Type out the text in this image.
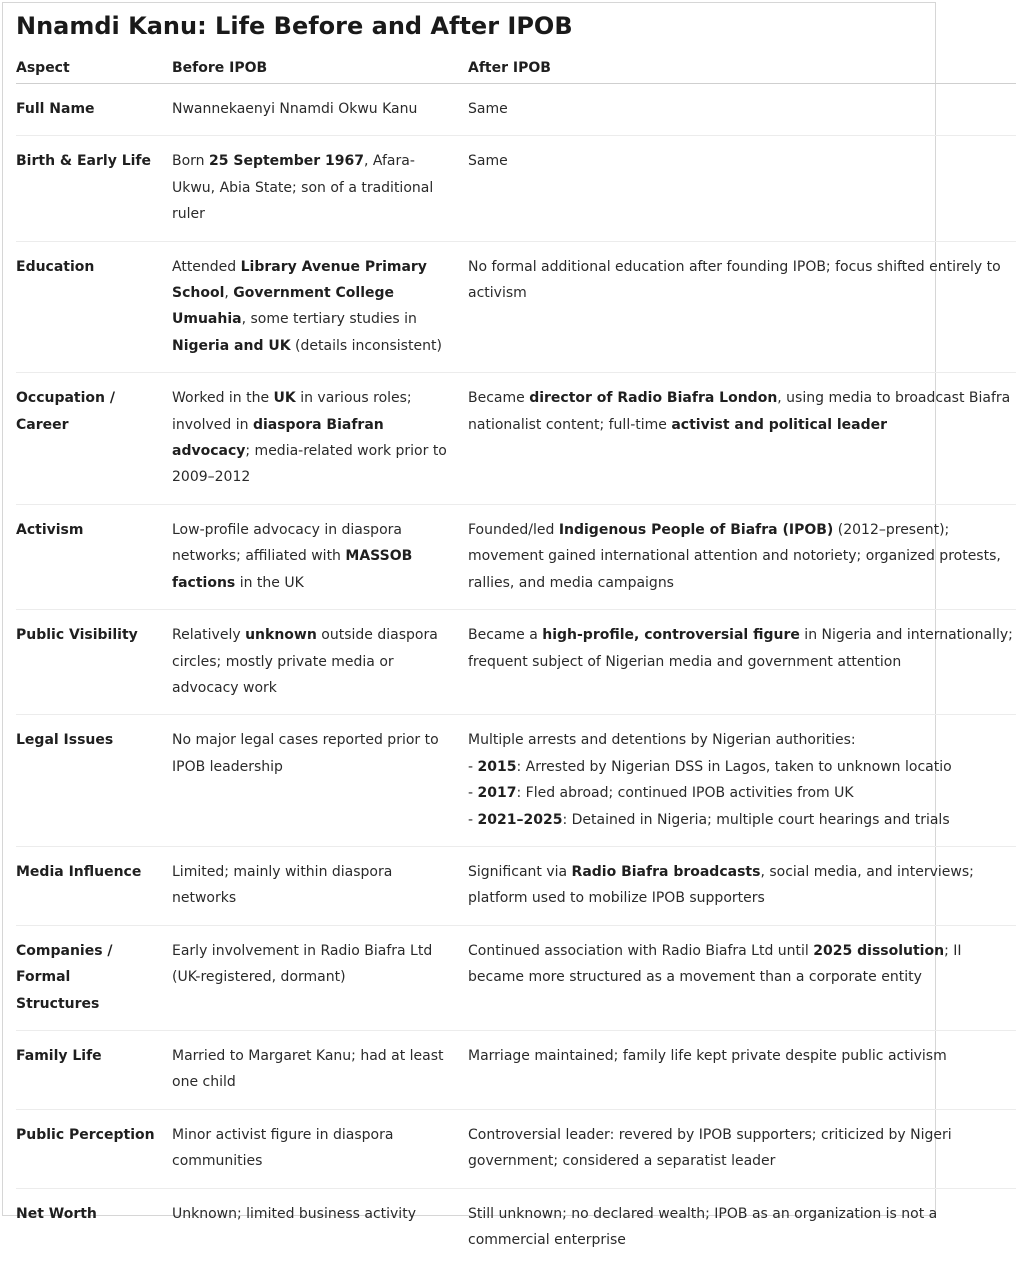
Nnamdi Kanu: Life Before and After IPOB
Aspect	Before IPOB	After IPOB
Full Name	Nwannekaenyi Nnamdi Okwu Kanu	Same
Birth & Early Life	Born 25 September 1967, Afara-Ukwu, Abia State; son of a traditional ruler	Same
Education	Attended Library Avenue Primary School, Government College Umuahia, some tertiary studies in Nigeria and UK (details inconsistent)	No formal additional education after founding IPOB; focus shifted entirely to activism
Occupation / Career	Worked in the UK in various roles; involved in diaspora Biafran advocacy; media-related work prior to 2009–2012	Became director of Radio Biafra London, using media to broadcast Biafra nationalist content; full-time activist and political leader
Activism	Low-profile advocacy in diaspora networks; affiliated with MASSOB factions in the UK	Founded/led Indigenous People of Biafra (IPOB) (2012–present); movement gained international attention and notoriety; organized protests, rallies, and media campaigns
Public Visibility	Relatively unknown outside diaspora circles; mostly private media or advocacy work	Became a high-profile, controversial figure in Nigeria and internationally; frequent subject of Nigerian media and government attention
Legal Issues	No major legal cases reported prior to IPOB leadership	Multiple arrests and detentions by Nigerian authorities:
- 2015: Arrested by Nigerian DSS in Lagos, taken to unknown locatio
- 2017: Fled abroad; continued IPOB activities from UK
- 2021–2025: Detained in Nigeria; multiple court hearings and trials

Media Influence	Limited; mainly within diaspora networks	Significant via Radio Biafra broadcasts, social media, and interviews;
platform used to mobilize IPOB supporters

Companies / Formal Structures	Early involvement in Radio Biafra Ltd (UK-registered, dormant)	Continued association with Radio Biafra Ltd until 2025 dissolution; II
became more structured as a movement than a corporate entity

Family Life	Married to Margaret Kanu; had at least one child	Marriage maintained; family life kept private despite public activism
Public Perception	Minor activist figure in diaspora communities	Controversial leader: revered by IPOB supporters; criticized by Nigeri
government; considered a separatist leader

Net Worth	Unknown; limited business activity	Still unknown; no declared wealth; IPOB as an organization is not a commercial enterprise
